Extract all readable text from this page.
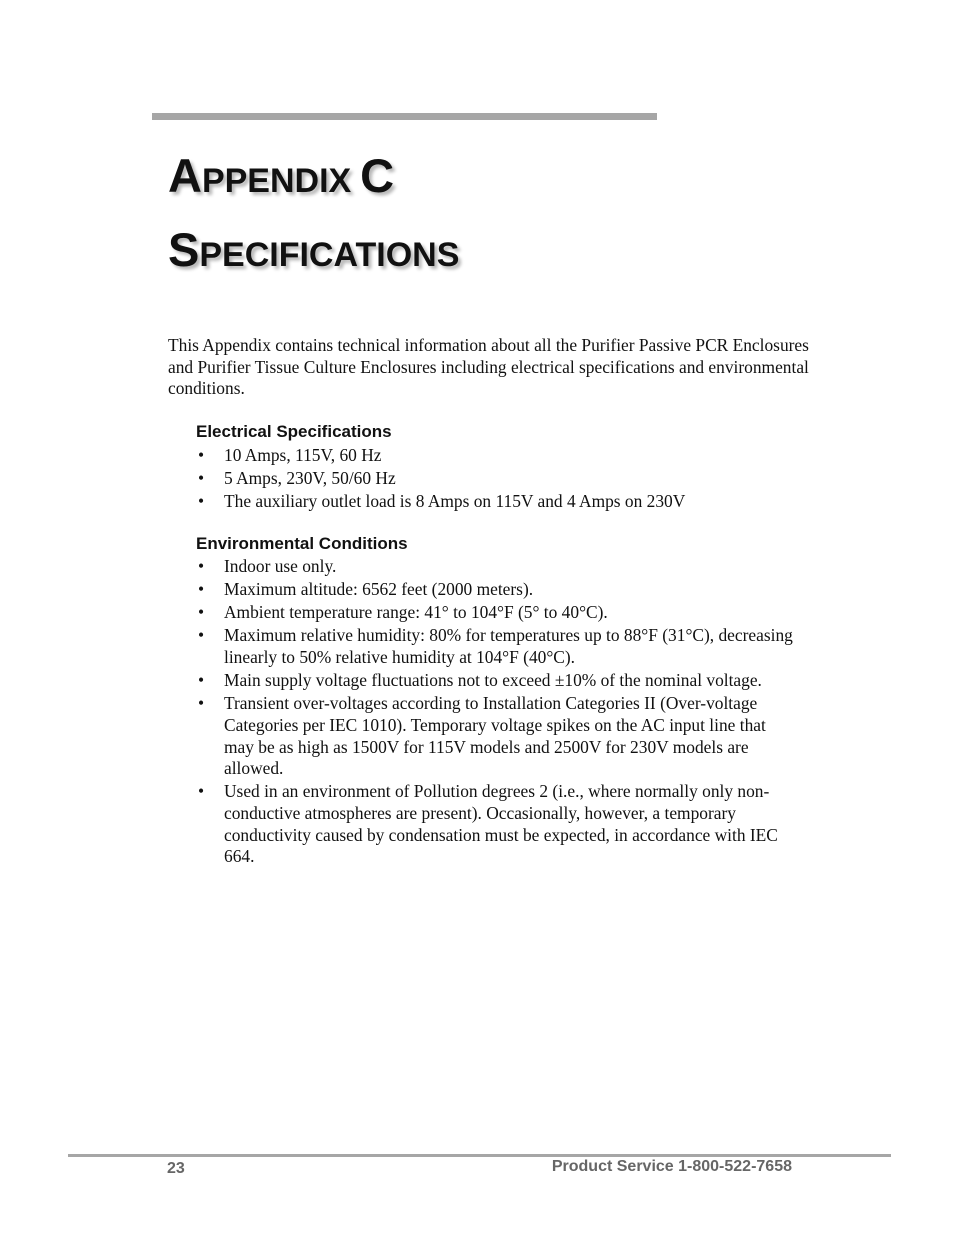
APPENDIX C
SPECIFICATIONS

This Appendix contains technical information about all the Purifier Passive PCR Enclosures and Purifier Tissue Culture Enclosures including electrical specifications and environmental conditions.

Electrical Specifications
• 10 Amps, 115V, 60 Hz
• 5 Amps, 230V, 50/60 Hz
• The auxiliary outlet load is 8 Amps on 115V and 4 Amps on 230V
Environmental Conditions
• Indoor use only.
• Maximum altitude: 6562 feet (2000 meters).
• Ambient temperature range: 41° to 104°F (5° to 40°C).
• Maximum relative humidity: 80% for temperatures up to 88°F (31°C), decreasing linearly to 50% relative humidity at 104°F (40°C).
• Main supply voltage fluctuations not to exceed ±10% of the nominal voltage.
• Transient over-voltages according to Installation Categories II (Over-voltage Categories per IEC 1010). Temporary voltage spikes on the AC input line that may be as high as 1500V for 115V models and 2500V for 230V models are allowed.
• Used in an environment of Pollution degrees 2 (i.e., where normally only non-conductive atmospheres are present). Occasionally, however, a temporary conductivity caused by condensation must be expected, in accordance with IEC 664.
23	Product Service 1-800-522-7658
